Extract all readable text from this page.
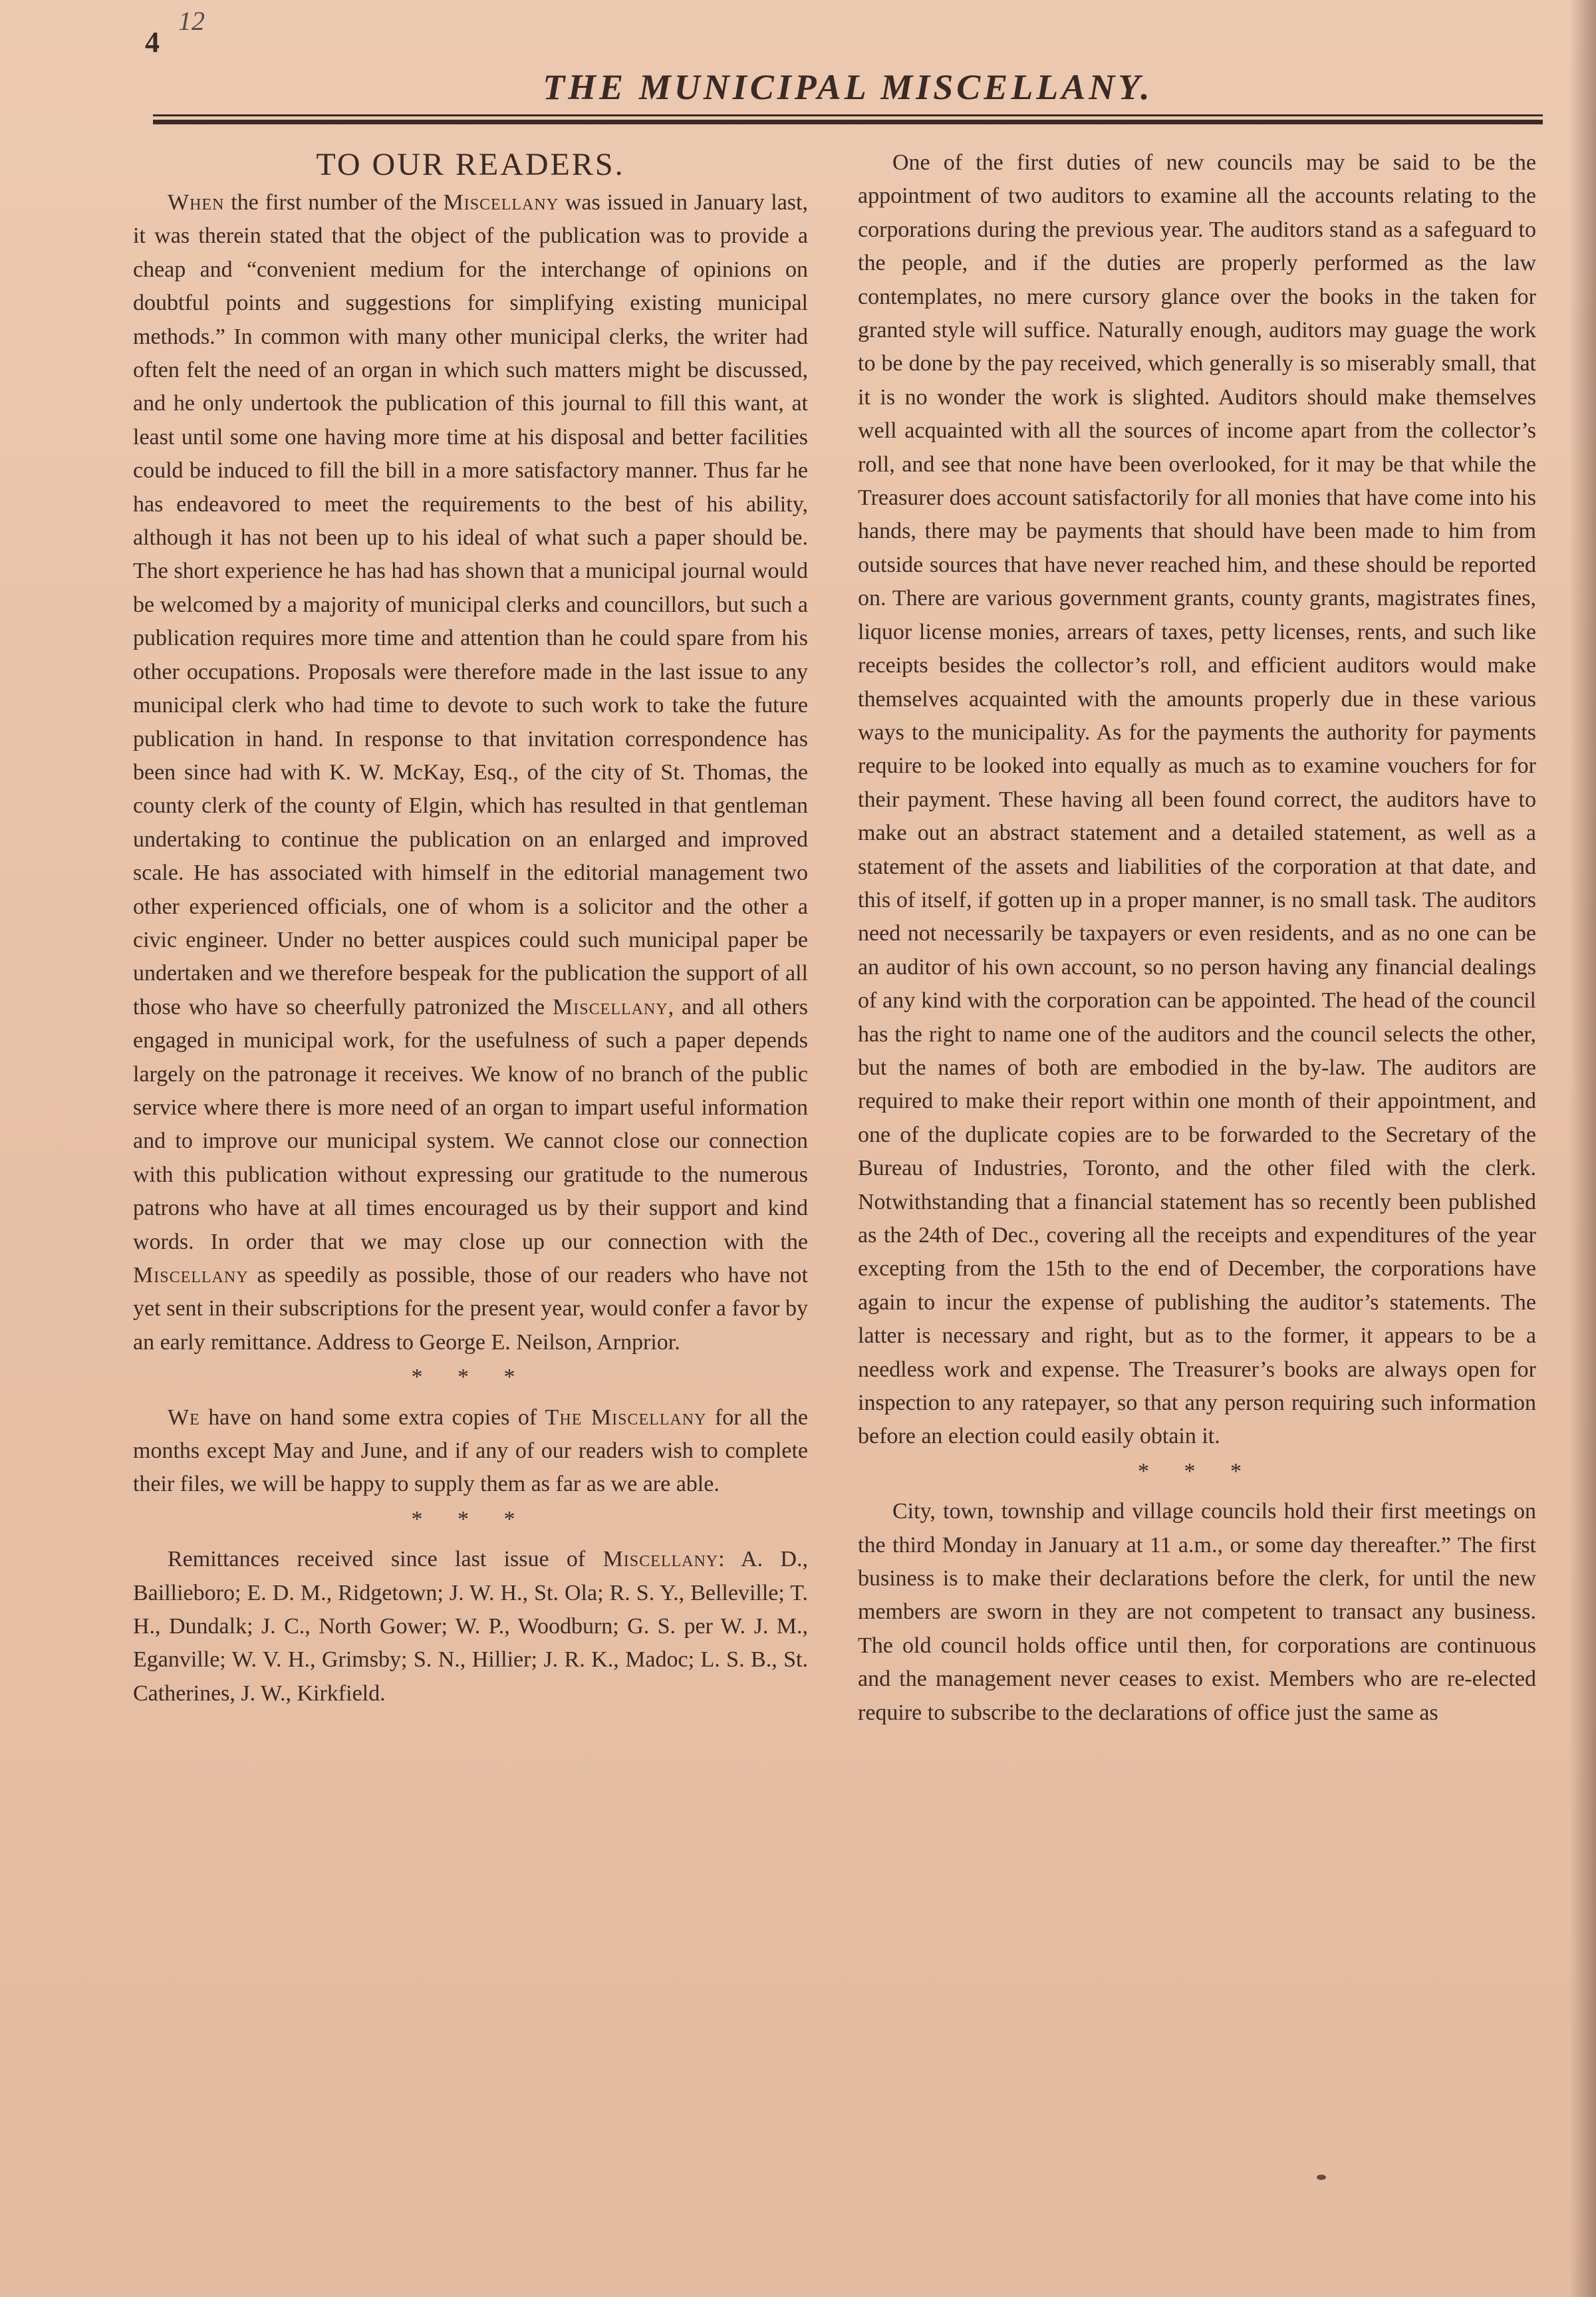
4
12
THE MUNICIPAL MISCELLANY.
TO OUR READERS.

When the first number of the Miscellany was issued in January last, it was therein stated that the object of the publication was to provide a cheap and “convenient medium for the interchange of opinions on doubtful points and suggestions for simplifying existing municipal methods.” In common with many other municipal clerks, the writer had often felt the need of an organ in which such matters might be discussed, and he only undertook the publication of this journal to fill this want, at least until some one having more time at his disposal and better facilities could be induced to fill the bill in a more satisfactory manner. Thus far he has endeavored to meet the requirements to the best of his ability, although it has not been up to his ideal of what such a paper should be. The short experience he has had has shown that a municipal journal would be welcomed by a majority of municipal clerks and councillors, but such a publication requires more time and attention than he could spare from his other occupations. Proposals were therefore made in the last issue to any municipal clerk who had time to devote to such work to take the future publication in hand. In response to that invitation correspondence has been since had with K. W. McKay, Esq., of the city of St. Thomas, the county clerk of the county of Elgin, which has resulted in that gentleman undertaking to continue the publication on an enlarged and improved scale. He has associated with himself in the editorial management two other experienced officials, one of whom is a solicitor and the other a civic engineer. Under no better auspices could such municipal paper be undertaken and we therefore bespeak for the publication the support of all those who have so cheerfully patronized the Miscellany, and all others engaged in municipal work, for the usefulness of such a paper depends largely on the patronage it receives. We know of no branch of the public service where there is more need of an organ to impart useful information and to improve our municipal system. We cannot close our connection with this publication without expressing our gratitude to the numerous patrons who have at all times encouraged us by their support and kind words. In order that we may close up our connection with the Miscellany as speedily as possible, those of our readers who have not yet sent in their subscriptions for the present year, would confer a favor by an early remittance. Address to George E. Neilson, Arnprior.

* * *

We have on hand some extra copies of The Miscellany for all the months except May and June, and if any of our readers wish to complete their files, we will be happy to supply them as far as we are able.

* * *

Remittances received since last issue of Miscellany: A. D., Baillieboro; E. D. M., Ridgetown; J. W. H., St. Ola; R. S. Y., Belleville; T. H., Dundalk; J. C., North Gower; W. P., Woodburn; G. S. per W. J. M., Eganville; W. V. H., Grimsby; S. N., Hillier; J. R. K., Madoc; L. S. B., St. Catherines, J. W., Kirkfield.

One of the first duties of new councils may be said to be the appointment of two auditors to examine all the accounts relating to the corporations during the previous year. The auditors stand as a safeguard to the people, and if the duties are properly performed as the law contemplates, no mere cursory glance over the books in the taken for granted style will suffice. Naturally enough, auditors may guage the work to be done by the pay received, which generally is so miserably small, that it is no wonder the work is slighted. Auditors should make themselves well acquainted with all the sources of income apart from the collector’s roll, and see that none have been overlooked, for it may be that while the Treasurer does account satisfactorily for all monies that have come into his hands, there may be payments that should have been made to him from outside sources that have never reached him, and these should be reported on. There are various government grants, county grants, magistrates fines, liquor license monies, arrears of taxes, petty licenses, rents, and such like receipts besides the collector’s roll, and efficient auditors would make themselves acquainted with the amounts properly due in these various ways to the municipality. As for the payments the authority for payments require to be looked into equally as much as to examine vouchers for for their payment. These having all been found correct, the auditors have to make out an abstract statement and a detailed statement, as well as a statement of the assets and liabilities of the corporation at that date, and this of itself, if gotten up in a proper manner, is no small task. The auditors need not necessarily be taxpayers or even residents, and as no one can be an auditor of his own account, so no person having any financial dealings of any kind with the corporation can be appointed. The head of the council has the right to name one of the auditors and the council selects the other, but the names of both are embodied in the by-law. The auditors are required to make their report within one month of their appointment, and one of the duplicate copies are to be forwarded to the Secretary of the Bureau of Industries, Toronto, and the other filed with the clerk. Notwithstanding that a financial statement has so recently been published as the 24th of Dec., covering all the receipts and expenditures of the year excepting from the 15th to the end of December, the corporations have again to incur the expense of publishing the auditor’s statements. The latter is necessary and right, but as to the former, it appears to be a needless work and expense. The Treasurer’s books are always open for inspection to any ratepayer, so that any person requiring such information before an election could easily obtain it.

* * *

City, town, township and village councils hold their first meetings on the third Monday in January at 11 a.m., or some day thereafter.” The first business is to make their declarations before the clerk, for until the new members are sworn in they are not competent to transact any business. The old council holds office until then, for corporations are continuous and the management never ceases to exist. Members who are re-elected require to subscribe to the declarations of office just the same as
